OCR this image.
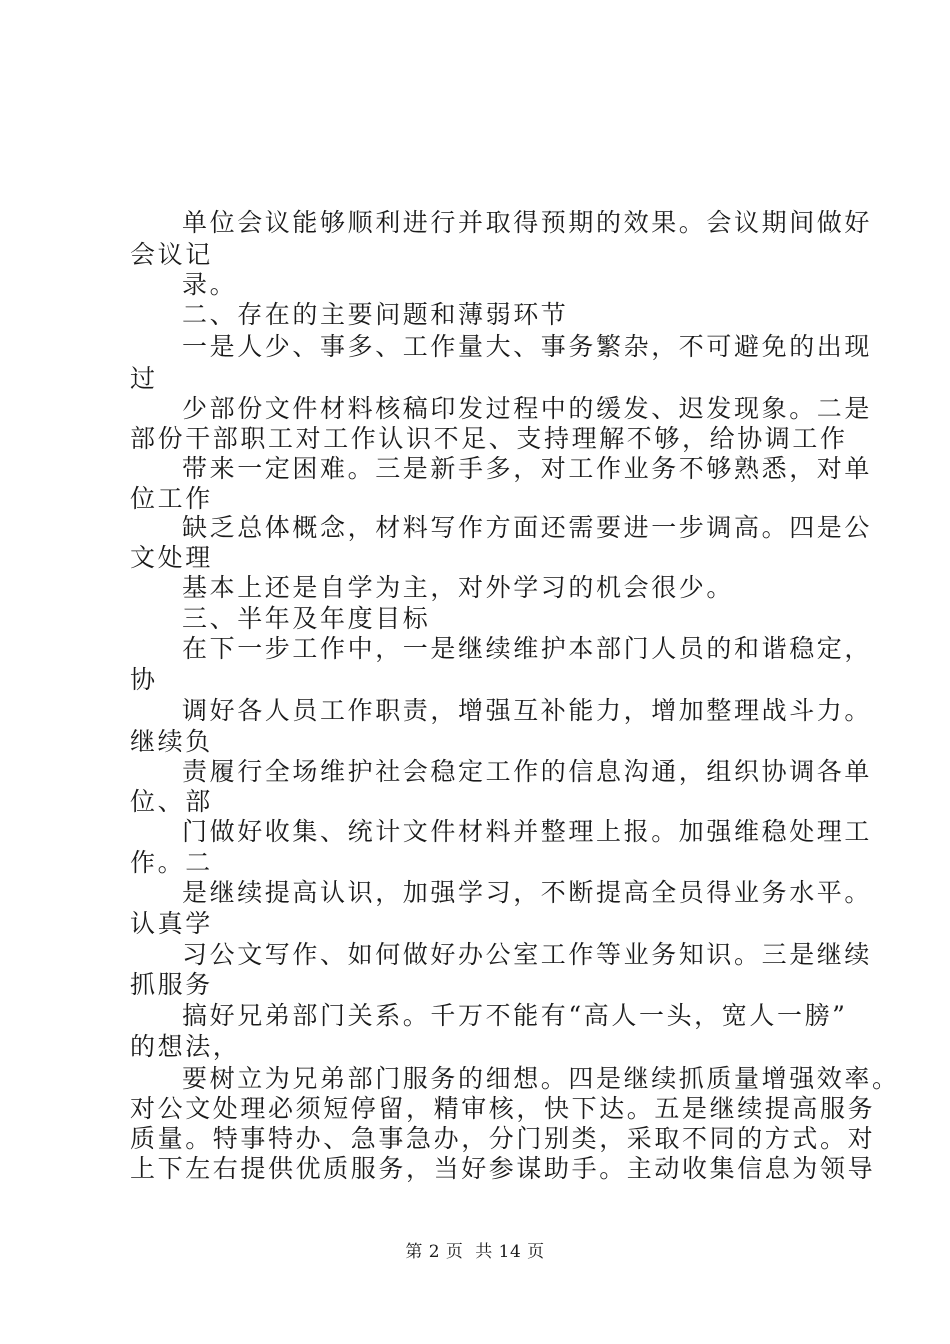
单位会议能够顺利进行并取得预期的效果。会议期间做好
会议记
录。
二、存在的主要问题和薄弱环节
一是人少、事多、工作量大、事务繁杂，不可避免的出现
过
少部份文件材料核稿印发过程中的缓发、迟发现象。二是
部份干部职工对工作认识不足、支持理解不够，给协调工作
带来一定困难。三是新手多，对工作业务不够熟悉，对单
位工作
缺乏总体概念，材料写作方面还需要进一步调高。四是公
文处理
基本上还是自学为主，对外学习的机会很少。
三、半年及年度目标
在下一步工作中，一是继续维护本部门人员的和谐稳定，
协
调好各人员工作职责，增强互补能力，增加整理战斗力。
继续负
责履行全场维护社会稳定工作的信息沟通，组织协调各单
位、部
门做好收集、统计文件材料并整理上报。加强维稳处理工
作。二
是继续提高认识，加强学习，不断提高全员得业务水平。
认真学
习公文写作、如何做好办公室工作等业务知识。三是继续
抓服务
搞好兄弟部门关系。千万不能有“高人一头，宽人一膀”
的想法，
要树立为兄弟部门服务的细想。四是继续抓质量增强效率。
对公文处理必须短停留，精审核，快下达。五是继续提高服务
质量。特事特办、急事急办，分门别类，采取不同的方式。对
上下左右提供优质服务，当好参谋助手。主动收集信息为领导
第 2 页  共 14 页
